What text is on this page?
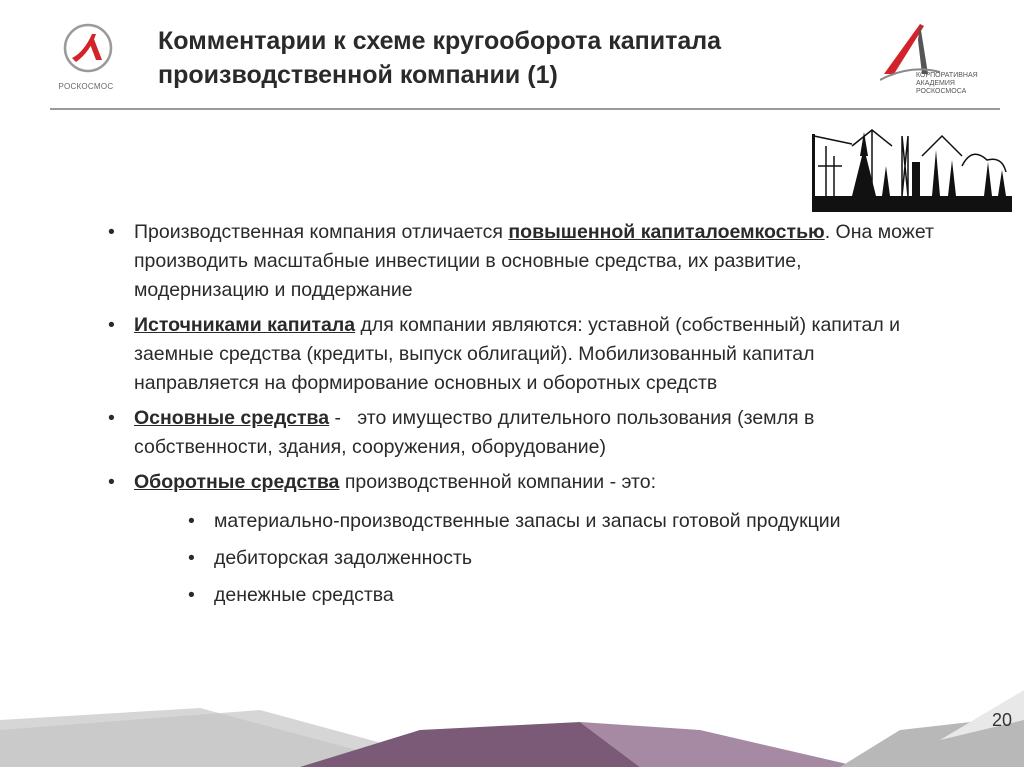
РОСКОСМОС
Комментарии к схеме кругооборота капитала
производственной компании (1)	КОРПОРАТИВНАЯ
АКАДЕМИЯ
РОСКОСМОСА
• Производственная компания отличается повышенной капиталоемкостью. Она может производить масштабные инвестиции в основные средства, их развитие, модернизацию и поддержание
• Источниками капитала для компании являются: уставной (собственный) капитал и заемные средства (кредиты, выпуск облигаций). Мобилизованный капитал направляется на формирование основных и оборотных средств
• Основные средства -   это имущество длительного пользования (земля в собственности, здания, сооружения, оборудование)
• Оборотные средства производственной компании - это:
• материально-производственные запасы и запасы готовой продукции
• дебиторская задолженность
• денежные средства
20
